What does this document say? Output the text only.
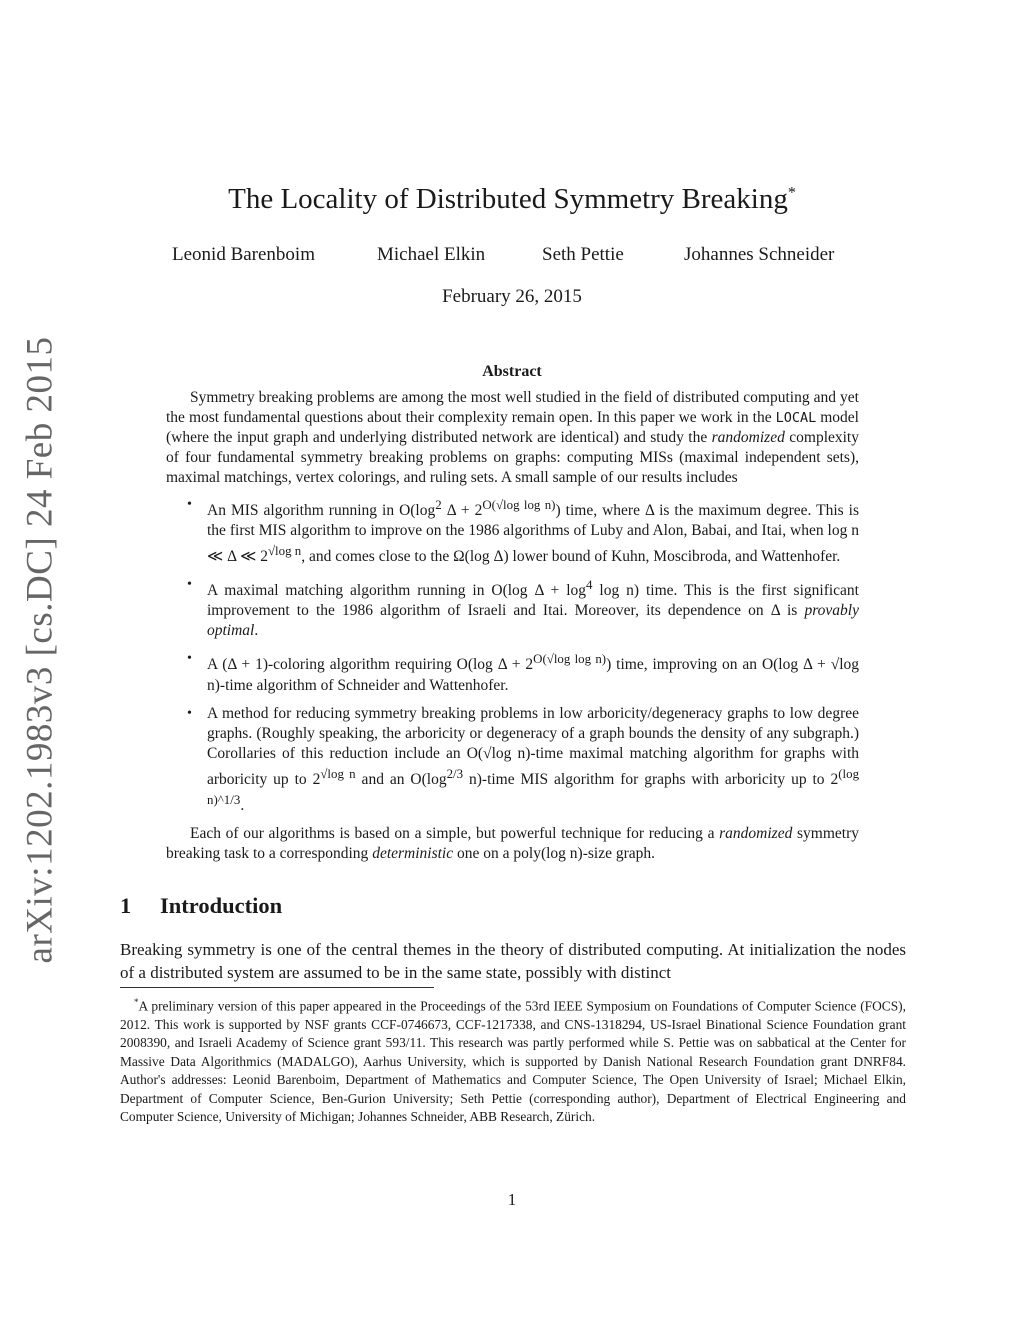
arXiv:1202.1983v3 [cs.DC] 24 Feb 2015
The Locality of Distributed Symmetry Breaking*
Leonid Barenboim	Michael Elkin	Seth Pettie	Johannes Schneider
February 26, 2015
Abstract

Symmetry breaking problems are among the most well studied in the field of distributed computing and yet the most fundamental questions about their complexity remain open. In this paper we work in the LOCAL model (where the input graph and underlying distributed network are identical) and study the randomized complexity of four fundamental symmetry breaking problems on graphs: computing MISs (maximal independent sets), maximal matchings, vertex colorings, and ruling sets. A small sample of our results includes

• An MIS algorithm running in $O(\log^2$ $\Delta + 2^{O(√log log n)}$) time, where Δ is the maximum degree. This is the first MIS algorithm to improve on the 1986 algorithms of Luby and Alon, Babai, and Itai, when log n ≪ Δ ≪ $2^{√log n}$, and comes close to the Ω(log Δ) lower bound of Kuhn, Moscibroda, and Wattenhofer.
• A maximal matching algorithm running in O(log $\Delta + \log^4 \log n$) time. This is the first significant improvement to the 1986 algorithm of Israeli and Itai. Moreover, its dependence on Δ is provably optimal.
• A (Δ + 1)-coloring algorithm requiring O(log $\Delta + 2^{O(√log log n)}$) time, improving on an O(log Δ + √log n)-time algorithm of Schneider and Wattenhofer.
• A method for reducing symmetry breaking problems in low arboricity/degeneracy graphs to low degree graphs. (Roughly speaking, the arboricity or degeneracy of a graph bounds the density of any subgraph.) Corollaries of this reduction include an O(√log n)-time maximal matching algorithm for graphs with arboricity up to $2^{√log n}$ and an $O(\log^{2/3}$ n)-time MIS algorithm for graphs with arboricity up to $2^{(log n)\^{}1/3}$.

Each of our algorithms is based on a simple, but powerful technique for reducing a randomized symmetry breaking task to a corresponding deterministic one on a poly(log n)-size graph.

1 Introduction
Breaking symmetry is one of the central themes in the theory of distributed computing. At initialization the nodes of a distributed system are assumed to be in the same state, possibly with distinct
*A preliminary version of this paper appeared in the Proceedings of the 53rd IEEE Symposium on Foundations of Computer Science (FOCS), 2012. This work is supported by NSF grants CCF-0746673, CCF-1217338, and CNS-1318294, US-Israel Binational Science Foundation grant 2008390, and Israeli Academy of Science grant 593/11. This research was partly performed while S. Pettie was on sabbatical at the Center for Massive Data Algorithmics (MADALGO), Aarhus University, which is supported by Danish National Research Foundation grant DNRF84. Author's addresses: Leonid Barenboim, Department of Mathematics and Computer Science, The Open University of Israel; Michael Elkin, Department of Computer Science, Ben-Gurion University; Seth Pettie (corresponding author), Department of Electrical Engineering and Computer Science, University of Michigan; Johannes Schneider, ABB Research, Zürich.
1
